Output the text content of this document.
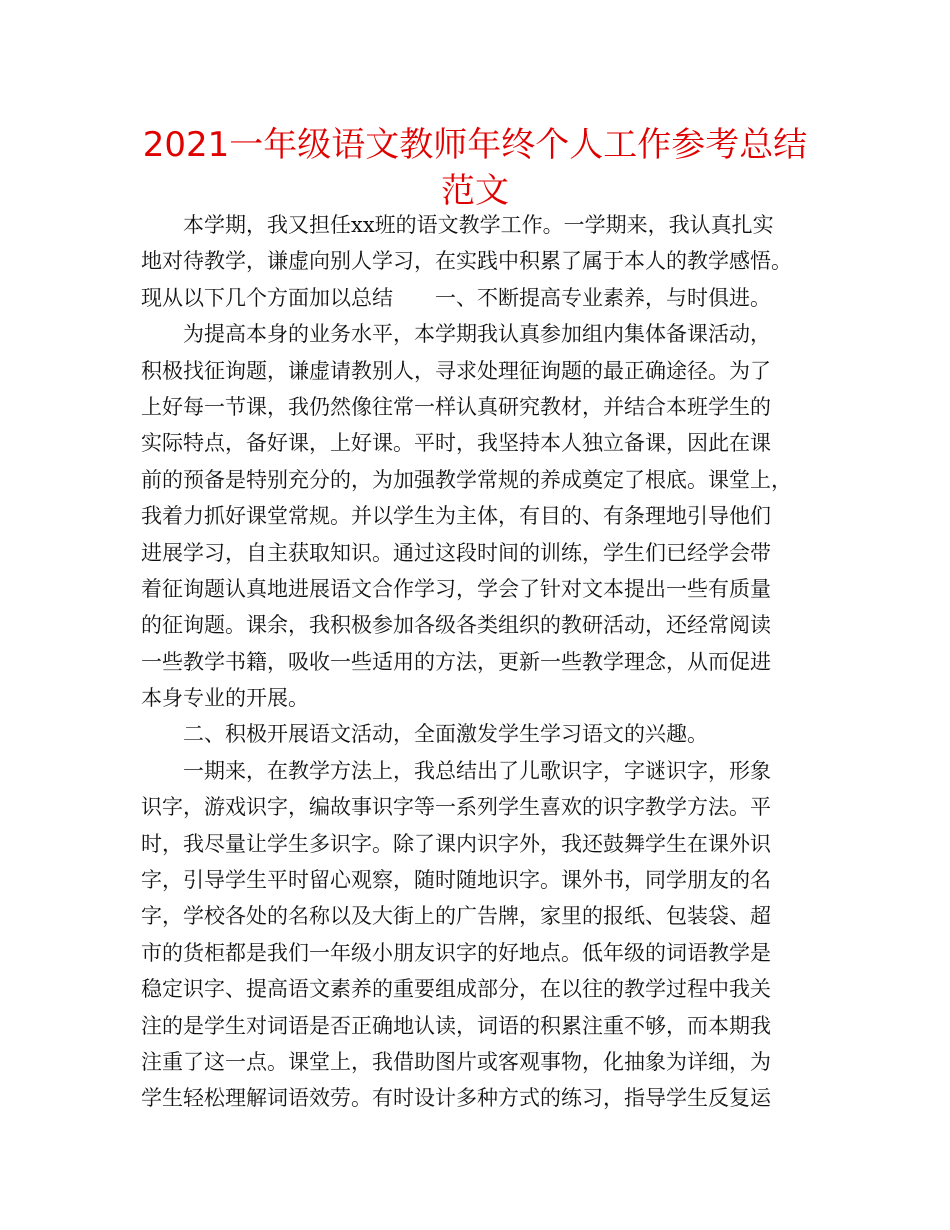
2021一年级语文教师年终个人工作参考总结范文

本学期，我又担任xx班的语文教学工作。一学期来，我认真扎实
地对待教学，谦虚向别人学习，在实践中积累了属于本人的教学感悟。
现从以下几个方面加以总结　　一、不断提高专业素养，与时俱进。

为提高本身的业务水平，本学期我认真参加组内集体备课活动，
积极找征询题，谦虚请教别人，寻求处理征询题的最正确途径。为了
上好每一节课，我仍然像往常一样认真研究教材，并结合本班学生的
实际特点，备好课，上好课。平时，我坚持本人独立备课，因此在课
前的预备是特别充分的，为加强教学常规的养成奠定了根底。课堂上，
我着力抓好课堂常规。并以学生为主体，有目的、有条理地引导他们
进展学习，自主获取知识。通过这段时间的训练，学生们已经学会带
着征询题认真地进展语文合作学习，学会了针对文本提出一些有质量
的征询题。课余，我积极参加各级各类组织的教研活动，还经常阅读
一些教学书籍，吸收一些适用的方法，更新一些教学理念，从而促进
本身专业的开展。

二、积极开展语文活动，全面激发学生学习语文的兴趣。

一期来，在教学方法上，我总结出了儿歌识字，字谜识字，形象
识字，游戏识字，编故事识字等一系列学生喜欢的识字教学方法。平
时，我尽量让学生多识字。除了课内识字外，我还鼓舞学生在课外识
字，引导学生平时留心观察，随时随地识字。课外书，同学朋友的名
字，学校各处的名称以及大街上的广告牌，家里的报纸、包装袋、超
市的货柜都是我们一年级小朋友识字的好地点。低年级的词语教学是
稳定识字、提高语文素养的重要组成部分，在以往的教学过程中我关
注的是学生对词语是否正确地认读，词语的积累注重不够，而本期我
注重了这一点。课堂上，我借助图片或客观事物，化抽象为详细，为
学生轻松理解词语效劳。有时设计多种方式的练习，指导学生反复运
